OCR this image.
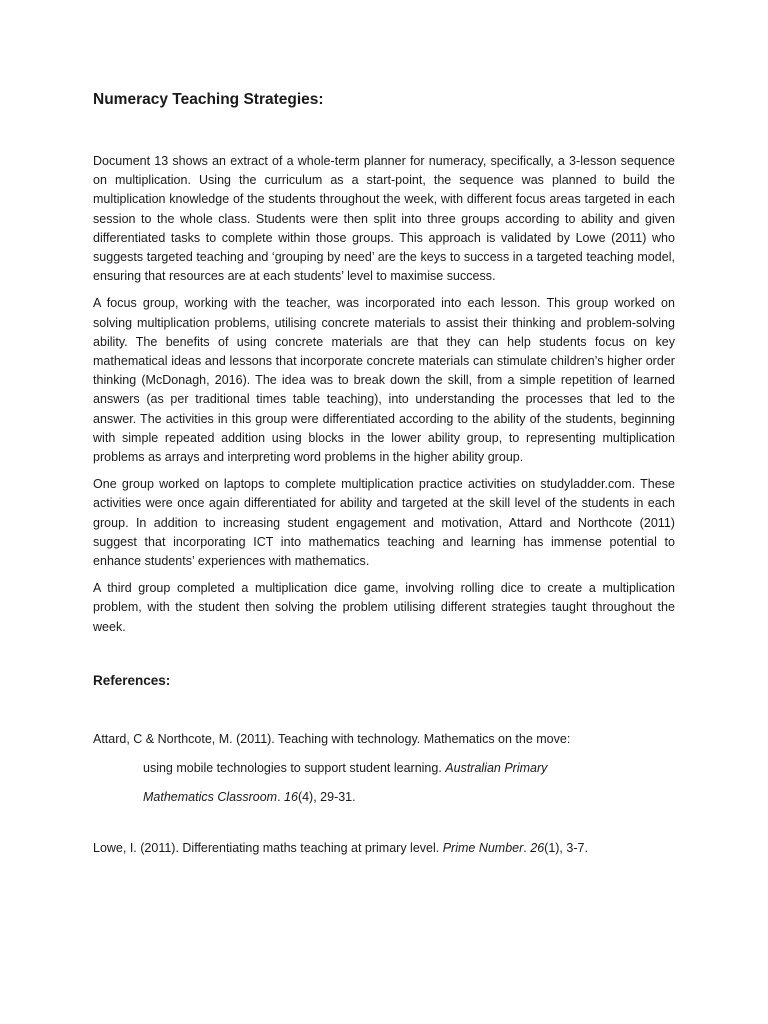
Numeracy Teaching Strategies:

Document 13 shows an extract of a whole-term planner for numeracy, specifically, a 3-lesson sequence on multiplication. Using the curriculum as a start-point, the sequence was planned to build the multiplication knowledge of the students throughout the week, with different focus areas targeted in each session to the whole class. Students were then split into three groups according to ability and given differentiated tasks to complete within those groups. This approach is validated by Lowe (2011) who suggests targeted teaching and ‘grouping by need’ are the keys to success in a targeted teaching model, ensuring that resources are at each students’ level to maximise success.

A focus group, working with the teacher, was incorporated into each lesson. This group worked on solving multiplication problems, utilising concrete materials to assist their thinking and problem-solving ability. The benefits of using concrete materials are that they can help students focus on key mathematical ideas and lessons that incorporate concrete materials can stimulate children’s higher order thinking (McDonagh, 2016). The idea was to break down the skill, from a simple repetition of learned answers (as per traditional times table teaching), into understanding the processes that led to the answer. The activities in this group were differentiated according to the ability of the students, beginning with simple repeated addition using blocks in the lower ability group, to representing multiplication problems as arrays and interpreting word problems in the higher ability group.

One group worked on laptops to complete multiplication practice activities on studyladder.com. These activities were once again differentiated for ability and targeted at the skill level of the students in each group. In addition to increasing student engagement and motivation, Attard and Northcote (2011) suggest that incorporating ICT into mathematics teaching and learning has immense potential to enhance students’ experiences with mathematics.

A third group completed a multiplication dice game, involving rolling dice to create a multiplication problem, with the student then solving the problem utilising different strategies taught throughout the week.

References:
Attard, C & Northcote, M. (2011). Teaching with technology. Mathematics on the move:
using mobile technologies to support student learning. Australian Primary
Mathematics Classroom. 16(4), 29-31.
Lowe, I. (2011). Differentiating maths teaching at primary level. Prime Number. 26(1), 3-7.
